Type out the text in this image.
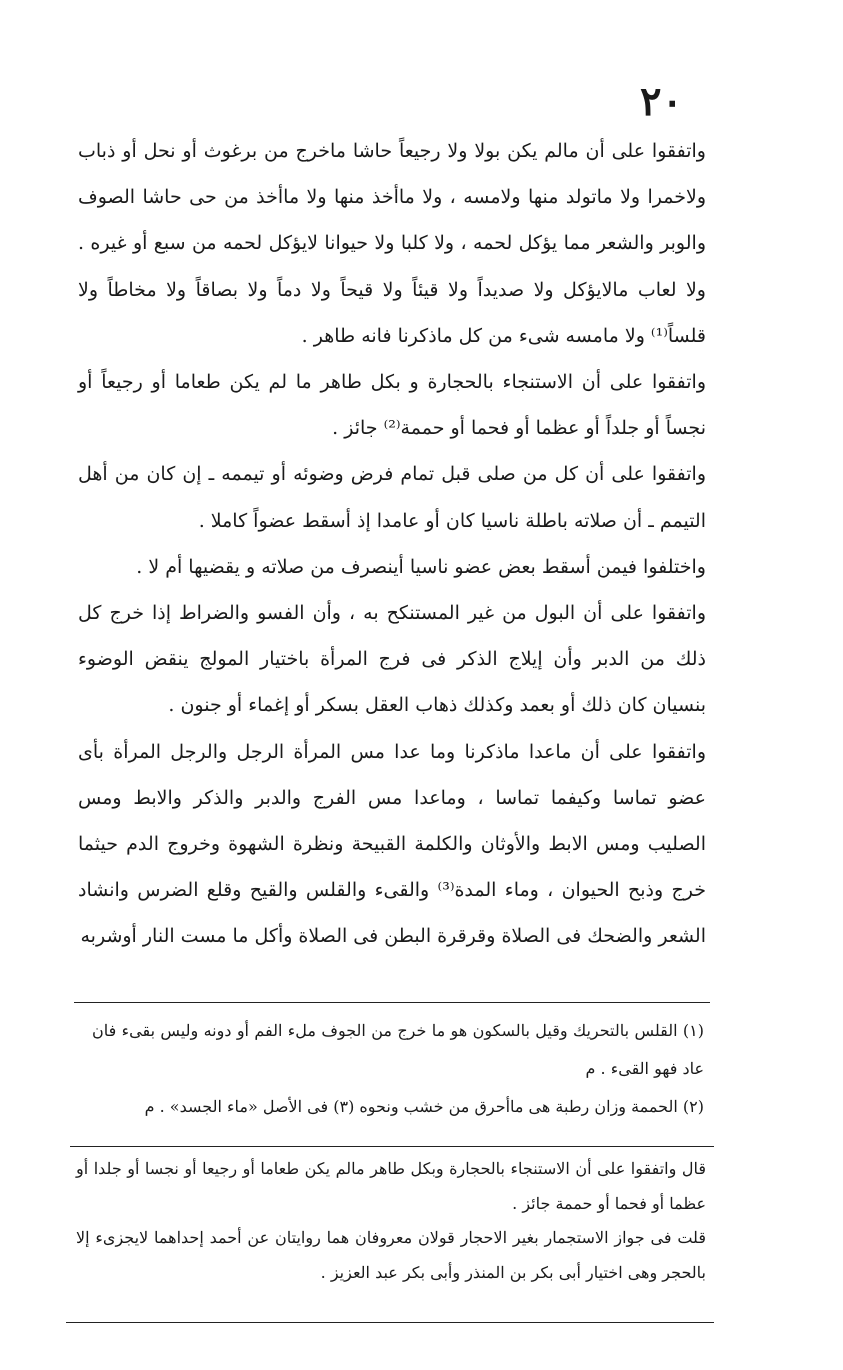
٢٠

واتفقوا على أن مالم يكن بولا ولا رجيعاً حاشا ماخرج من برغوث أو نحل أو ذباب ولاخمرا ولا ماتولد منها ولامسه ، ولا ماأخذ منها ولا ماأخذ من حى حاشا الصوف والوبر والشعر مما يؤكل لحمه ، ولا كلبا ولا حيوانا لايؤكل لحمه من سبع أو غيره . ولا لعاب مالايؤكل ولا صديداً ولا قيئاً ولا قيحاً ولا دماً ولا بصاقاً ولا مخاطاً ولا قلساً⁽¹⁾ ولا مامسه شىء من كل ماذكرنا فانه طاهر .

واتفقوا على أن الاستنجاء بالحجارة و بكل طاهر ما لم يكن طعاما أو رجيعاً أو نجساً أو جلداً أو عظما أو فحما أو حممة⁽²⁾ جائز .

واتفقوا على أن كل من صلى قبل تمام فرض وضوئه أو تيممه ـ إن كان من أهل التيمم ـ أن صلاته باطلة ناسيا كان أو عامدا إذ أسقط عضواً كاملا .

واختلفوا فيمن أسقط بعض عضو ناسيا أينصرف من صلاته و يقضيها أم لا .

واتفقوا على أن البول من غير المستنكح به ، وأن الفسو والضراط إذا خرج كل ذلك من الدبر وأن إيلاج الذكر فى فرج المرأة باختيار المولج ينقض الوضوء بنسيان كان ذلك أو بعمد وكذلك ذهاب العقل بسكر أو إغماء أو جنون .

واتفقوا على أن ماعدا ماذكرنا وما عدا مس المرأة الرجل والرجل المرأة بأى عضو تماسا وكيفما تماسا ، وماعدا مس الفرج والدبر والذكر والابط ومس الصليب ومس الابط والأوثان والكلمة القبيحة ونظرة الشهوة وخروج الدم حيثما خرج وذبح الحيوان ، وماء المدة⁽³⁾ والقىء والقلس والقيح وقلع الضرس وانشاد الشعر والضحك فى الصلاة وقرقرة البطن فى الصلاة وأكل ما مست النار أوشربه

(١) القلس بالتحريك وقيل بالسكون هو ما خرج من الجوف ملء الفم أو دونه وليس بقىء فان عاد فهو القىء . م

(٢) الحممة وزان رطبة هى ماأحرق من خشب ونحوه (٣) فى الأصل «ماء الجسد» . م

قال واتفقوا على أن الاستنجاء بالحجارة وبكل طاهر مالم يكن طعاما أو رجيعا أو نجسا أو جلدا أو عظما أو فحما أو حممة جائز .

قلت فى جواز الاستجمار بغير الاحجار قولان معروفان هما روايتان عن أحمد إحداهما لايجزىء إلا بالحجر وهى اختيار أبى بكر بن المنذر وأبى بكر عبد العزيز .
